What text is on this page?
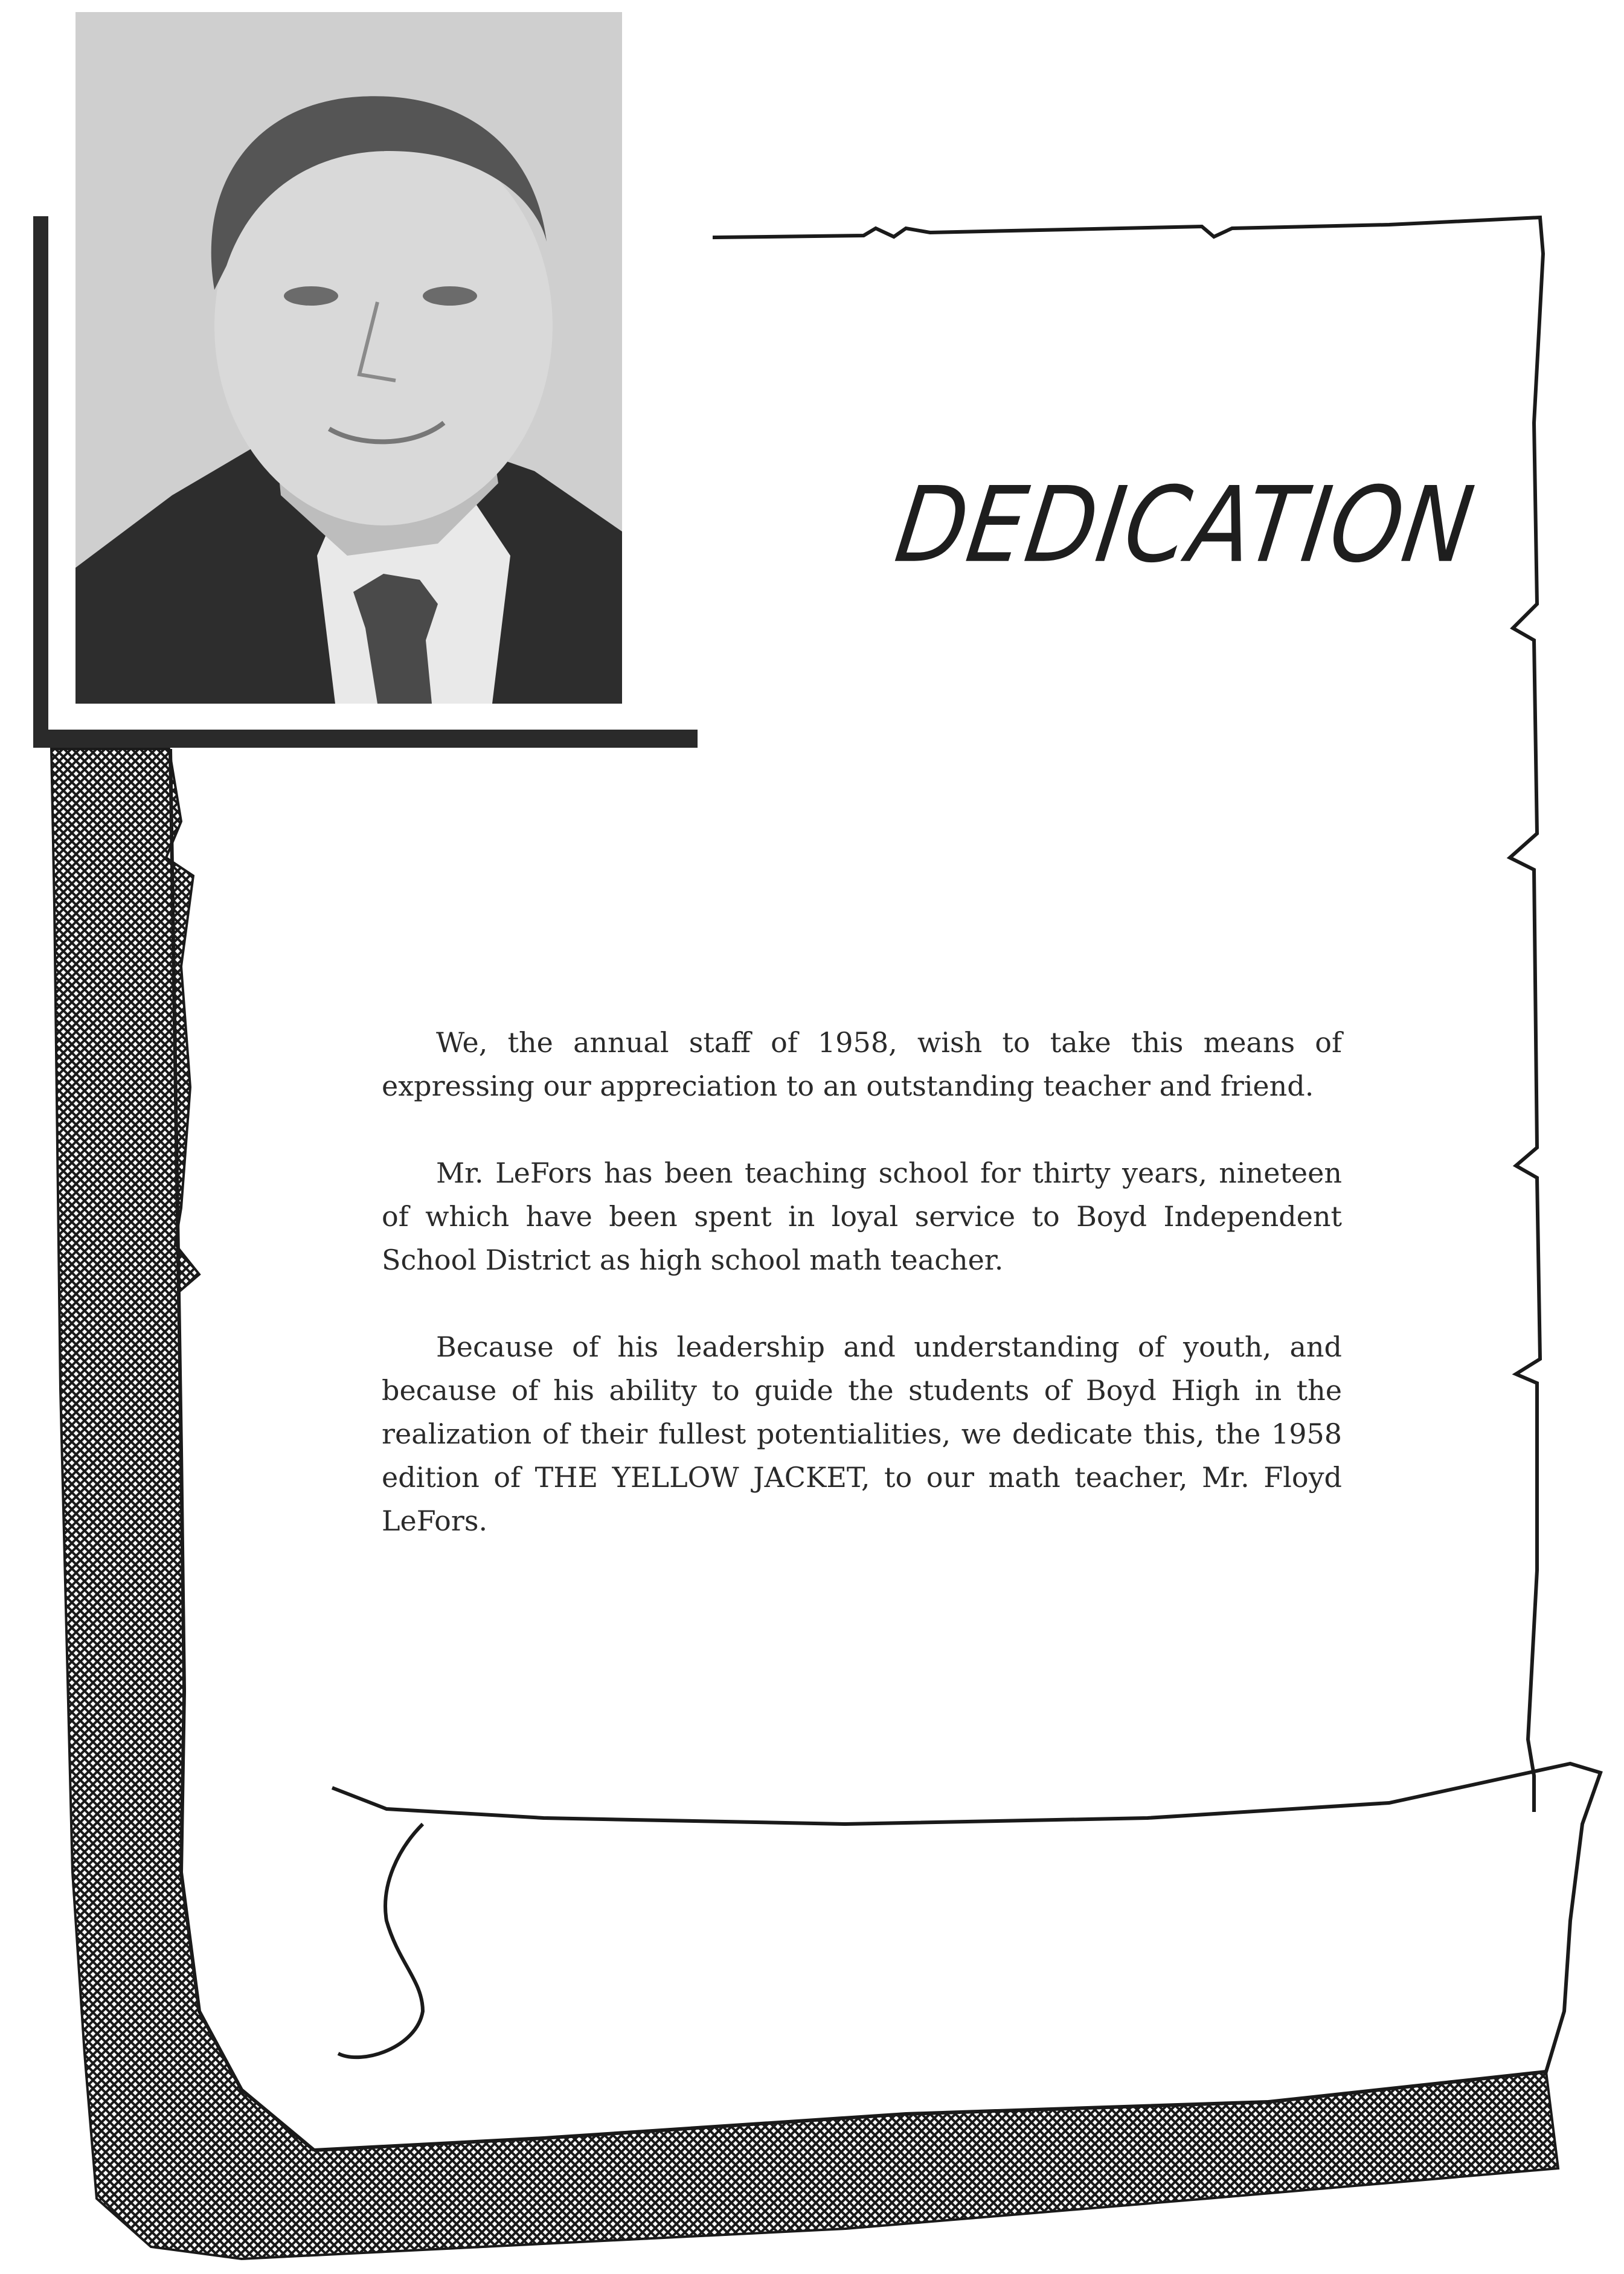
DEDICATION

We, the annual staff of 1958, wish to take this means of expressing our appreciation to an outstanding teacher and friend.

Mr. LeFors has been teaching school for thirty years, nineteen of which have been spent in loyal service to Boyd Independent School District as high school math teacher.

Because of his leadership and understanding of youth, and because of his ability to guide the students of Boyd High in the realization of their fullest potentialities, we dedicate this, the 1958 edition of THE YELLOW JACKET, to our math teacher, Mr. Floyd LeFors.
